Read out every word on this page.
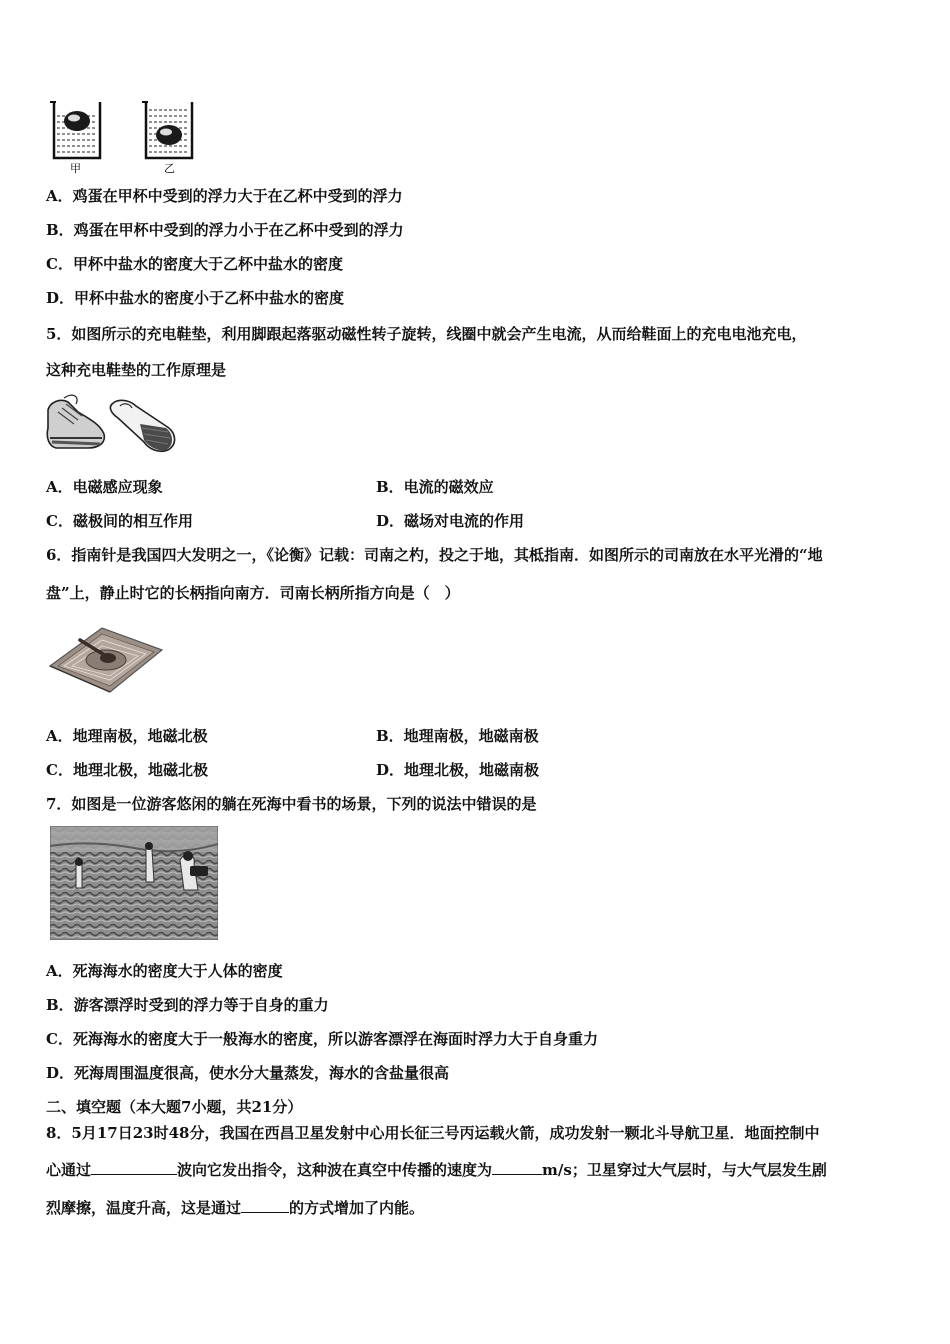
甲	乙
A．鸡蛋在甲杯中受到的浮力大于在乙杯中受到的浮力
B．鸡蛋在甲杯中受到的浮力小于在乙杯中受到的浮力
C．甲杯中盐水的密度大于乙杯中盐水的密度
D．甲杯中盐水的密度小于乙杯中盐水的密度
5．如图所示的充电鞋垫，利用脚跟起落驱动磁性转子旋转，线圈中就会产生电流，从而给鞋面上的充电电池充电，
这种充电鞋垫的工作原理是
A．电磁感应现象	B．电流的磁效应
C．磁极间的相互作用	D．磁场对电流的作用
6．指南针是我国四大发明之一，《论衡》记载：司南之杓，投之于地，其柢指南．如图所示的司南放在水平光滑的“地
盘”上，静止时它的长柄指向南方．司南长柄所指方向是（　）
A．地理南极，地磁北极	B．地理南极，地磁南极
C．地理北极，地磁北极	D．地理北极，地磁南极
7．如图是一位游客悠闲的躺在死海中看书的场景，下列的说法中错误的是
A．死海海水的密度大于人体的密度
B．游客漂浮时受到的浮力等于自身的重力
C．死海海水的密度大于一般海水的密度，所以游客漂浮在海面时浮力大于自身重力
D．死海周围温度很高，使水分大量蒸发，海水的含盐量很高
二、填空题（本大题7小题，共21分）
8．5月17日23时48分，我国在西昌卫星发射中心用长征三号丙运载火箭，成功发射一颗北斗导航卫星．地面控制中
心通过	波向它发出指令，这种波在真空中传播的速度为	m/s；卫星穿过大气层时，与大气层发生剧
烈摩擦，温度升高，这是通过	的方式增加了内能。
